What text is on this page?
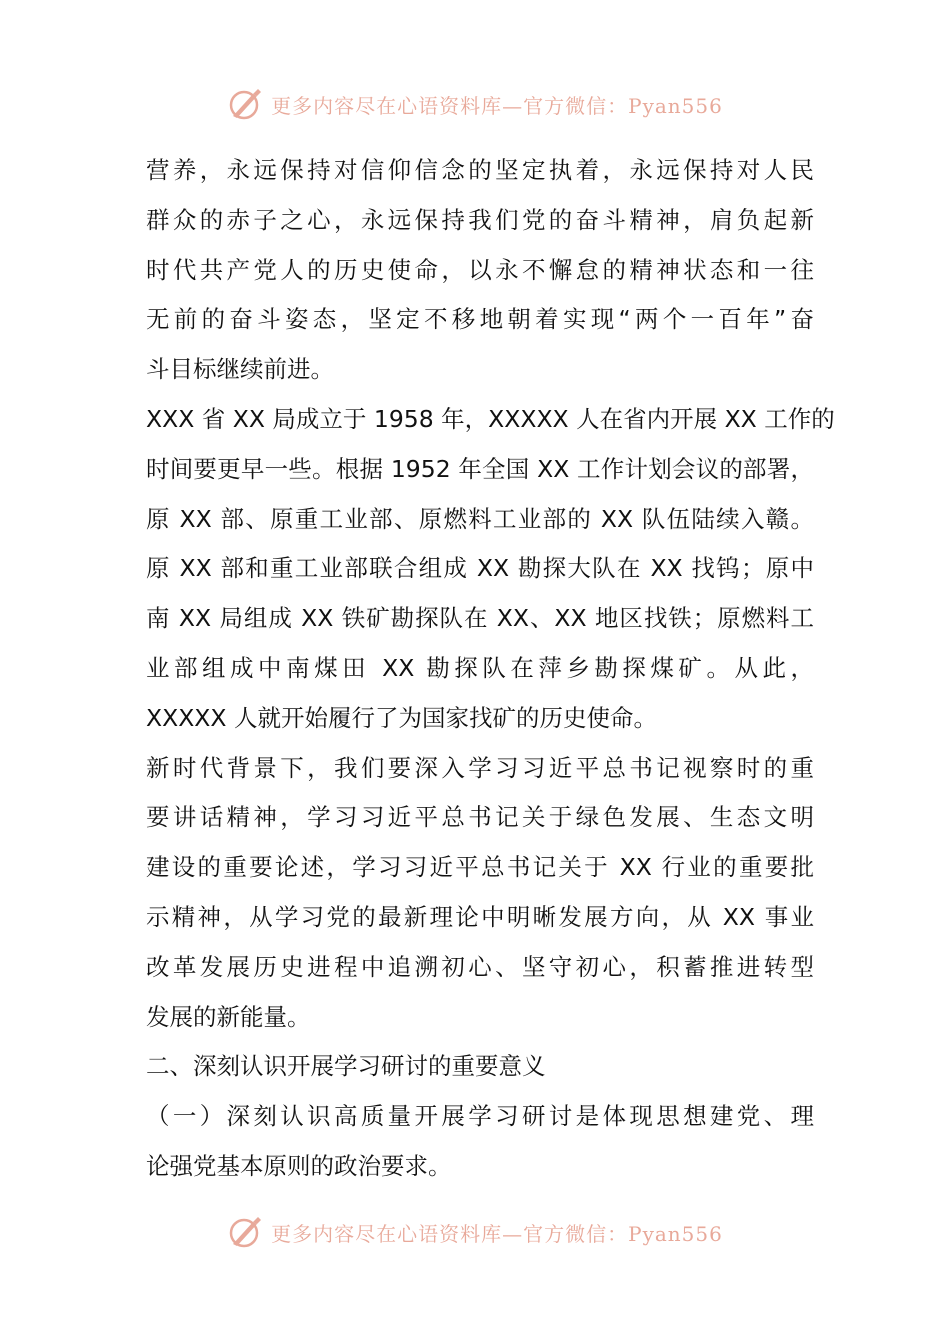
更多内容尽在心语资料库—官方微信：Pyan556
营养，永远保持对信仰信念的坚定执着，永远保持对人民
群众的赤子之心，永远保持我们党的奋斗精神，肩负起新
时代共产党人的历史使命，以永不懈怠的精神状态和一往
无前的奋斗姿态，坚定不移地朝着实现“两个一百年”奋
斗目标继续前进。
XXX 省 XX 局成立于 1958 年，XXXXX 人在省内开展 XX 工作的
时间要更早一些。根据 1952 年全国 XX 工作计划会议的部署，
原 XX 部、原重工业部、原燃料工业部的 XX 队伍陆续入赣。
原 XX 部和重工业部联合组成 XX 勘探大队在 XX 找钨；原中
南 XX 局组成 XX 铁矿勘探队在 XX、XX 地区找铁；原燃料工
业部组成中南煤田 XX 勘探队在萍乡勘探煤矿。从此，
XXXXX 人就开始履行了为国家找矿的历史使命。
新时代背景下，我们要深入学习习近平总书记视察时的重
要讲话精神，学习习近平总书记关于绿色发展、生态文明
建设的重要论述，学习习近平总书记关于 XX 行业的重要批
示精神，从学习党的最新理论中明晰发展方向，从 XX 事业
改革发展历史进程中追溯初心、坚守初心，积蓄推进转型
发展的新能量。
二、深刻认识开展学习研讨的重要意义
（一）深刻认识高质量开展学习研讨是体现思想建党、理
论强党基本原则的政治要求。
更多内容尽在心语资料库—官方微信：Pyan556
